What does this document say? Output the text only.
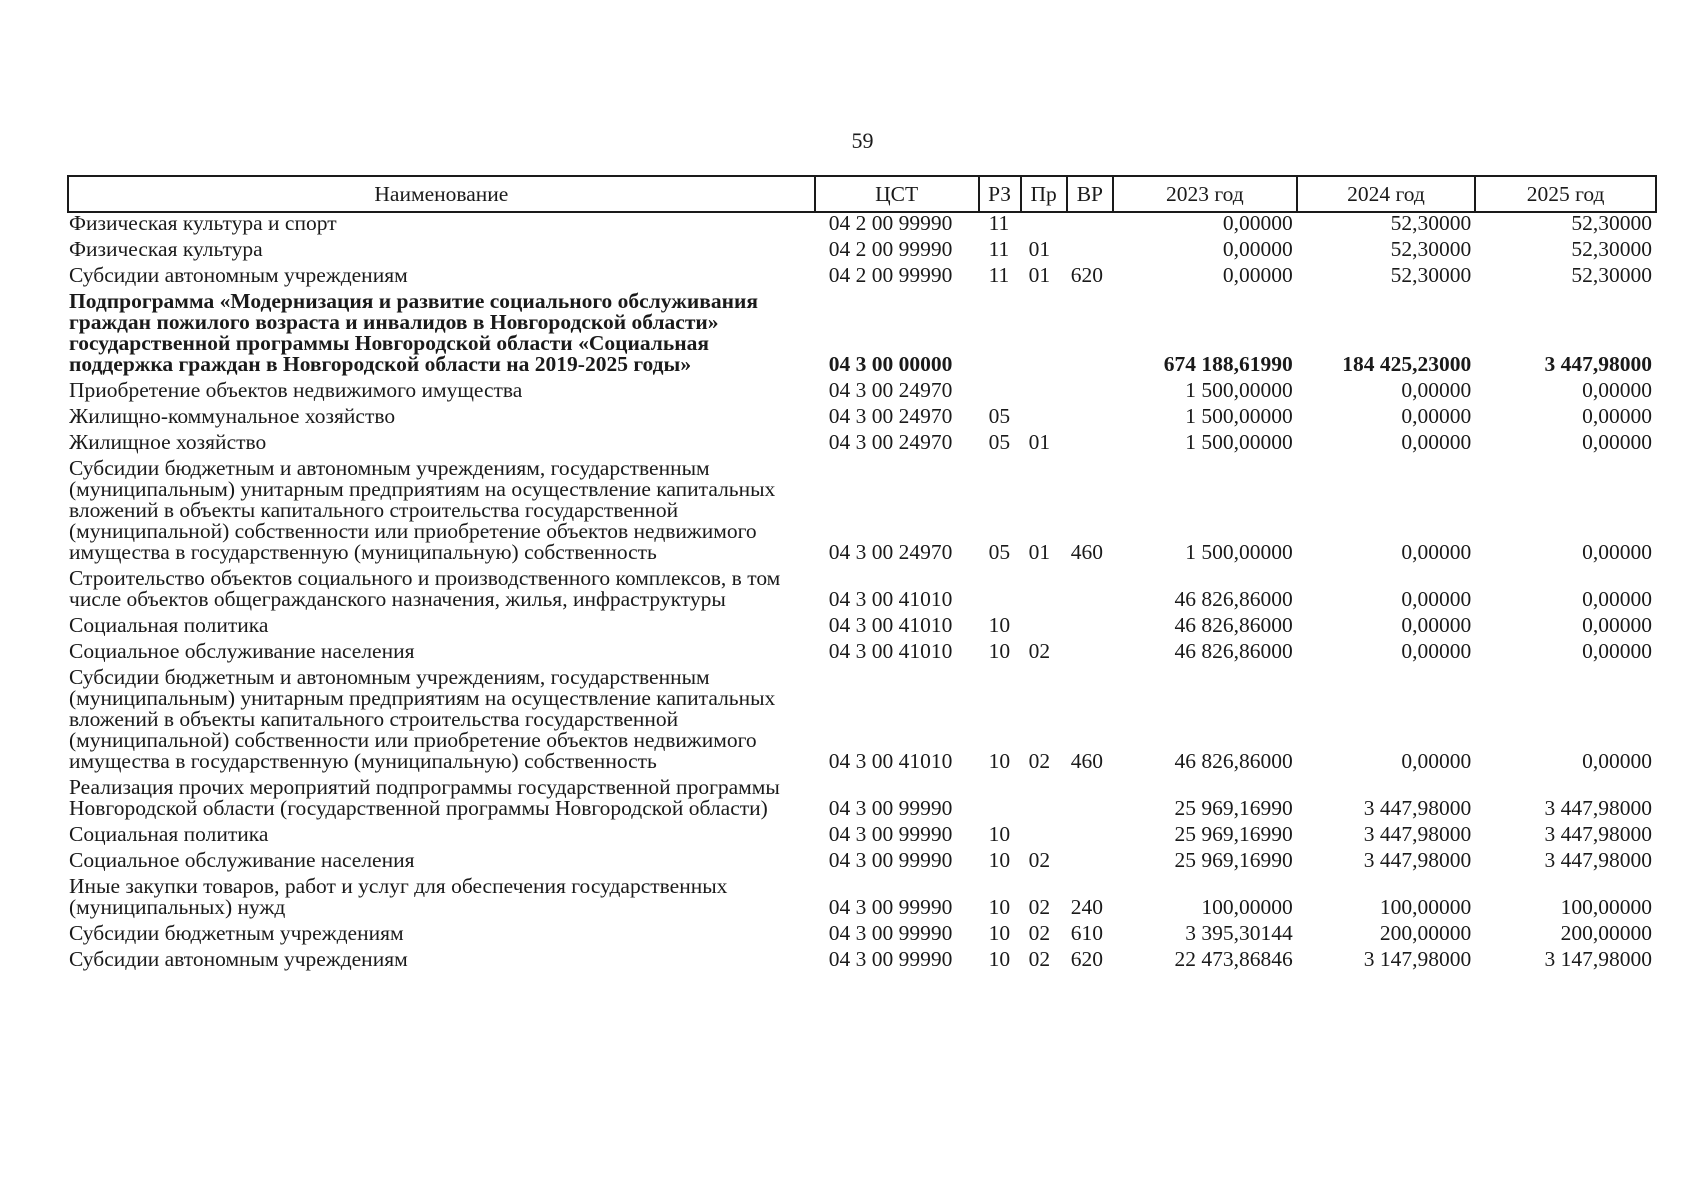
59
Наименование	ЦСТ	РЗ	Пр	ВР	2023 год	2024 год	2025 год
Физическая культура и спорт	04 2 00 99990	11			0,00000	52,30000	52,30000
Физическая культура	04 2 00 99990	11	01		0,00000	52,30000	52,30000
Субсидии автономным учреждениям	04 2 00 99990	11	01	620	0,00000	52,30000	52,30000
Подпрограмма «Модернизация и развитие социального обслуживания граждан пожилого возраста и инвалидов в Новгородской области» государственной программы Новгородской области «Социальная поддержка граждан в Новгородской области на 2019-2025 годы»	04 3 00 00000				674 188,61990	184 425,23000	3 447,98000
Приобретение объектов недвижимого имущества	04 3 00 24970				1 500,00000	0,00000	0,00000
Жилищно-коммунальное хозяйство	04 3 00 24970	05			1 500,00000	0,00000	0,00000
Жилищное хозяйство	04 3 00 24970	05	01		1 500,00000	0,00000	0,00000
Субсидии бюджетным и автономным учреждениям, государственным (муниципальным) унитарным предприятиям на осуществление капитальных вложений в объекты капитального строительства государственной (муниципальной) собственности или приобретение объектов недвижимого имущества в государственную (муниципальную) собственность	04 3 00 24970	05	01	460	1 500,00000	0,00000	0,00000
Строительство объектов социального и производственного комплексов, в том числе объектов общегражданского назначения, жилья, инфраструктуры	04 3 00 41010				46 826,86000	0,00000	0,00000
Социальная политика	04 3 00 41010	10			46 826,86000	0,00000	0,00000
Социальное обслуживание населения	04 3 00 41010	10	02		46 826,86000	0,00000	0,00000
Субсидии бюджетным и автономным учреждениям, государственным (муниципальным) унитарным предприятиям на осуществление капитальных вложений в объекты капитального строительства государственной (муниципальной) собственности или приобретение объектов недвижимого имущества в государственную (муниципальную) собственность	04 3 00 41010	10	02	460	46 826,86000	0,00000	0,00000
Реализация прочих мероприятий подпрограммы государственной программы Новгородской области (государственной программы Новгородской области)	04 3 00 99990				25 969,16990	3 447,98000	3 447,98000
Социальная политика	04 3 00 99990	10			25 969,16990	3 447,98000	3 447,98000
Социальное обслуживание населения	04 3 00 99990	10	02		25 969,16990	3 447,98000	3 447,98000
Иные закупки товаров, работ и услуг для обеспечения государственных (муниципальных) нужд	04 3 00 99990	10	02	240	100,00000	100,00000	100,00000
Субсидии бюджетным учреждениям	04 3 00 99990	10	02	610	3 395,30144	200,00000	200,00000
Субсидии автономным учреждениям	04 3 00 99990	10	02	620	22 473,86846	3 147,98000	3 147,98000
